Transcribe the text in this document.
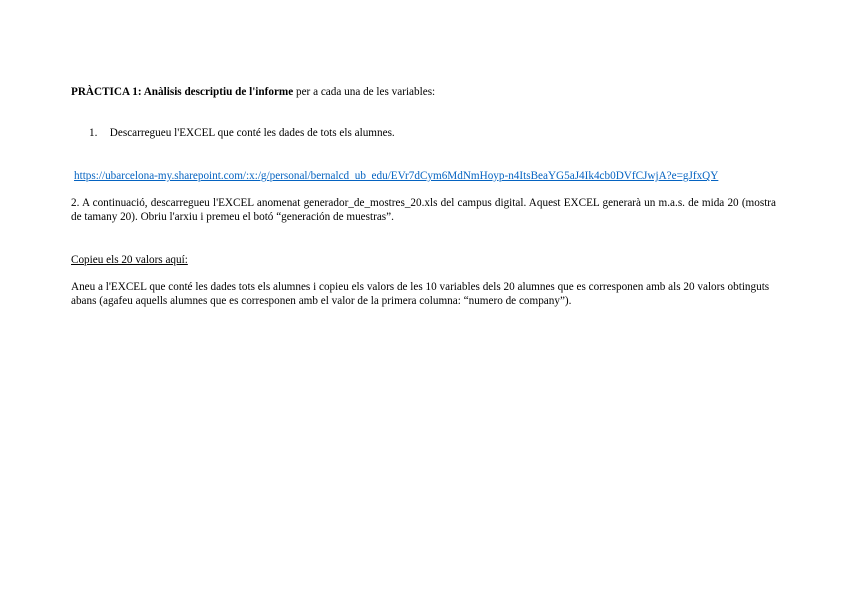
PRÀCTICA 1: Anàlisis descriptiu de l'informe per a cada una de les variables:
1. Descarregueu l'EXCEL que conté les dades de tots els alumnes.
https://ubarcelona-my.sharepoint.com/:x:/g/personal/bernalcd_ub_edu/EVr7dCym6MdNmHoyp-n4ItsBeaYG5aJ4Ik4cb0DVfCJwjA?e=gJfxQY
2. A continuació, descarregueu l'EXCEL anomenat generador_de_mostres_20.xls del campus digital. Aquest EXCEL generarà un m.a.s. de mida 20 (mostra de tamany 20). Obriu l'arxiu i premeu el botó “generación de muestras”.
Copieu els 20 valors aquí:
Aneu a l'EXCEL que conté les dades tots els alumnes i copieu els valors de les 10 variables dels 20 alumnes que es corresponen amb als 20 valors obtinguts abans (agafeu aquells alumnes que es corresponen amb el valor de la primera columna: “numero de company”).
